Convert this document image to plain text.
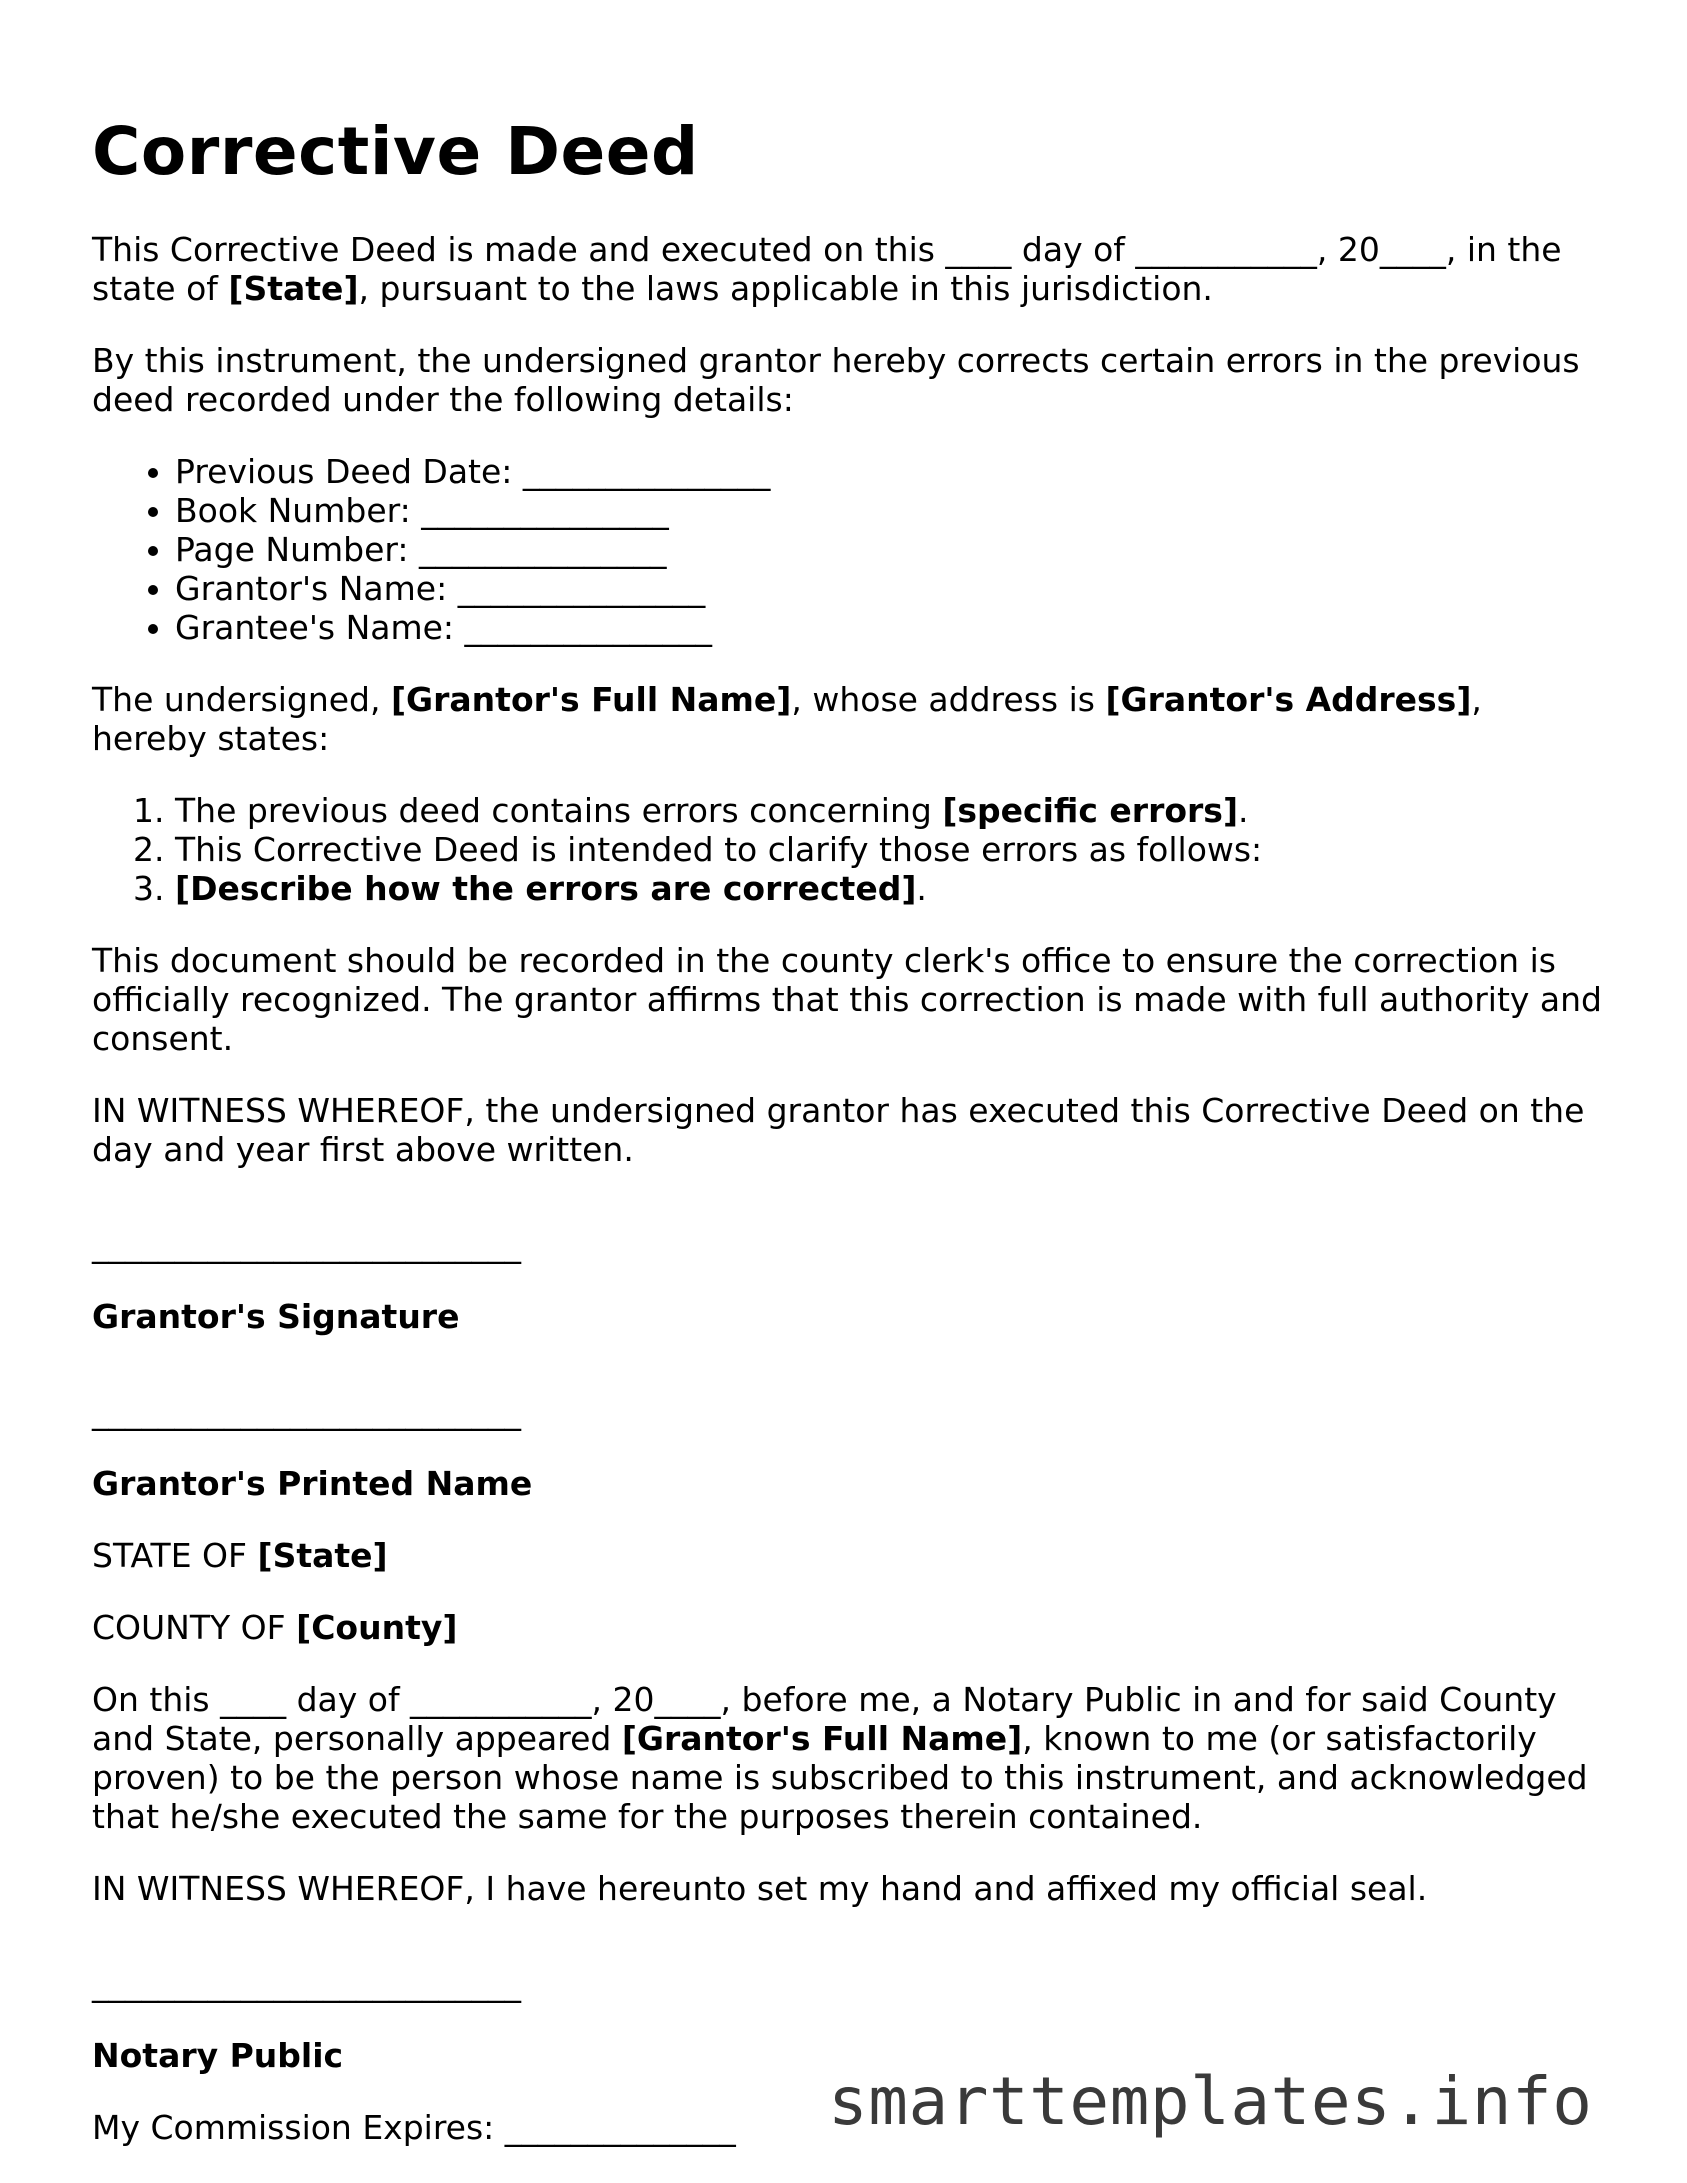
Corrective Deed

This Corrective Deed is made and executed on this ____ day of ___________, 20____, in the state of [State], pursuant to the laws applicable in this jurisdiction.

By this instrument, the undersigned grantor hereby corrects certain errors in the previous deed recorded under the following details:

• Previous Deed Date: _______________
• Book Number: _______________
• Page Number: _______________
• Grantor's Name: _______________
• Grantee's Name: _______________

The undersigned, [Grantor's Full Name], whose address is [Grantor's Address], hereby states:

1. The previous deed contains errors concerning [specific errors].
2. This Corrective Deed is intended to clarify those errors as follows:
3. [Describe how the errors are corrected].

This document should be recorded in the county clerk's office to ensure the correction is officially recognized. The grantor affirms that this correction is made with full authority and consent.

IN WITNESS WHEREOF, the undersigned grantor has executed this Corrective Deed on the day and year first above written.

__________________________
Grantor's Signature
__________________________
Grantor's Printed Name

STATE OF [State]

COUNTY OF [County]

On this ____ day of ___________, 20____, before me, a Notary Public in and for said County and State, personally appeared [Grantor's Full Name], known to me (or satisfactorily proven) to be the person whose name is subscribed to this instrument, and acknowledged that he/she executed the same for the purposes therein contained.

IN WITNESS WHEREOF, I have hereunto set my hand and affixed my official seal.

__________________________
Notary Public

My Commission Expires: ______________	smarttemplates.info
